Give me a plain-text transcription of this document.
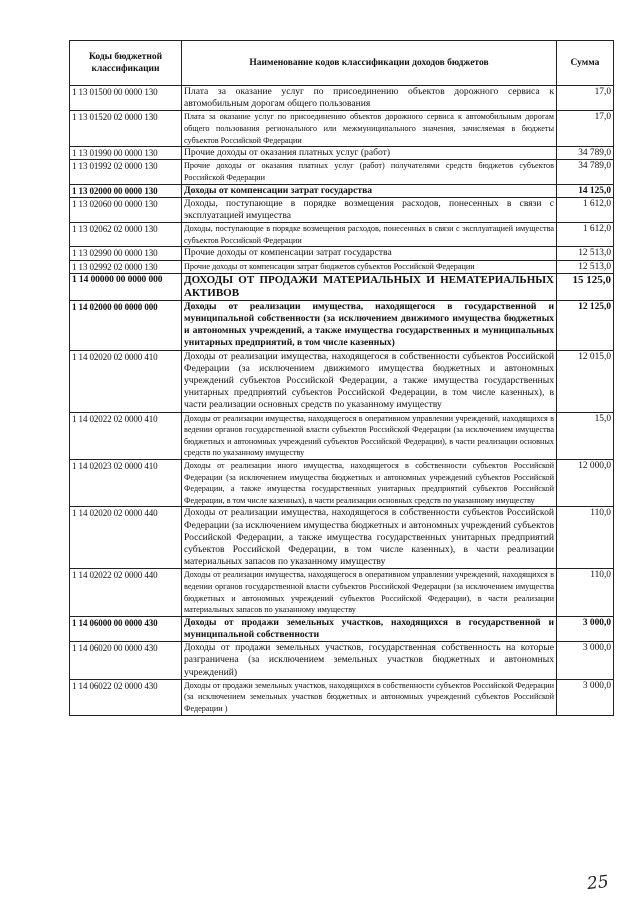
Коды бюджетной классификации	Наименование кодов классификации доходов бюджетов	Сумма
1 13 01500 00 0000 130	Плата за оказание услуг по присоединению объектов дорожного сервиса к автомобильным дорогам общего пользования	17,0
1 13 01520 02 0000 130	Плата за оказание услуг по присоединению объектов дорожного сервиса к автомобильным дорогам общего пользования регионального или межмуниципального значения, зачисляемая в бюджеты субъектов Российской Федерации	17,0
1 13 01990 00 0000 130	Прочие доходы от оказания платных услуг (работ)	34 789,0
1 13 01992 02 0000 130	Прочие доходы от оказания платных услуг (работ) получателями средств бюджетов субъектов Российской Федерации	34 789,0
1 13 02000 00 0000 130	Доходы от компенсации затрат государства	14 125,0
1 13 02060 00 0000 130	Доходы, поступающие в порядке возмещения расходов, понесенных в связи с эксплуатацией имущества	1 612,0
1 13 02062 02 0000 130	Доходы, поступающие в порядке возмещения расходов, понесенных в связи с эксплуатацией имущества субъектов Российской Федерации	1 612,0
1 13 02990 00 0000 130	Прочие доходы от компенсации затрат государства	12 513,0
1 13 02992 02 0000 130	Прочие доходы от компенсации затрат бюджетов субъектов Российской Федерации	12 513,0
1 14 00000 00 0000 000	ДОХОДЫ ОТ ПРОДАЖИ МАТЕРИАЛЬНЫХ И НЕМАТЕРИАЛЬНЫХ АКТИВОВ	15 125,0
1 14 02000 00 0000 000	Доходы от реализации имущества, находящегося в государственной и муниципальной собственности (за исключением движимого имущества бюджетных и автономных учреждений, а также имущества государственных и муниципальных унитарных предприятий, в том числе казенных)	12 125,0
1 14 02020 02 0000 410	Доходы от реализации имущества, находящегося в собственности субъектов Российской Федерации (за исключением движимого имущества бюджетных и автономных учреждений субъектов Российской Федерации, а также имущества государственных унитарных предприятий субъектов Российской Федерации, в том числе казенных), в части реализации основных средств по указанному имуществу	12 015,0
1 14 02022 02 0000 410	Доходы от реализации имущества, находящегося в оперативном управлении учреждений, находящихся в ведении органов государственной власти субъектов Российской Федерации (за исключением имущества бюджетных и автономных учреждений субъектов Российской Федерации), в части реализации основных средств по указанному имуществу	15,0
1 14 02023 02 0000 410	Доходы от реализации иного имущества, находящегося в собственности субъектов Российской Федерации (за исключением имущества бюджетных и автономных учреждений субъектов Российской Федерации, а также имущества государственных унитарных предприятий субъектов Российской Федерации, в том числе казенных), в части реализации основных средств по указанному имуществу	12 000,0
1 14 02020 02 0000 440	Доходы от реализации имущества, находящегося в собственности субъектов Российской Федерации (за исключением имущества бюджетных и автономных учреждений субъектов Российской Федерации, а также имущества государственных унитарных предприятий субъектов Российской Федерации, в том числе казенных), в части реализации материальных запасов по указанному имуществу	110,0
1 14 02022 02 0000 440	Доходы от реализации имущества, находящегося в оперативном управлении учреждений, находящихся в ведении органов государственной власти субъектов Российской Федерации (за исключением имущества бюджетных и автономных учреждений субъектов Российской Федерации), в части реализации материальных запасов по указанному имуществу	110,0
1 14 06000 00 0000 430	Доходы от продажи земельных участков, находящихся в государственной и муниципальной собственности	3 000,0
1 14 06020 00 0000 430	Доходы от продажи земельных участков, государственная собственность на которые разграничена (за исключением земельных участков бюджетных и автономных учреждений)	3 000,0
1 14 06022 02 0000 430	Доходы от продажи земельных участков, находящихся в собственности субъектов Российской Федерации (за исключением земельных участков бюджетных и автономных учреждений субъектов Российской Федерации )	3 000,0
25
